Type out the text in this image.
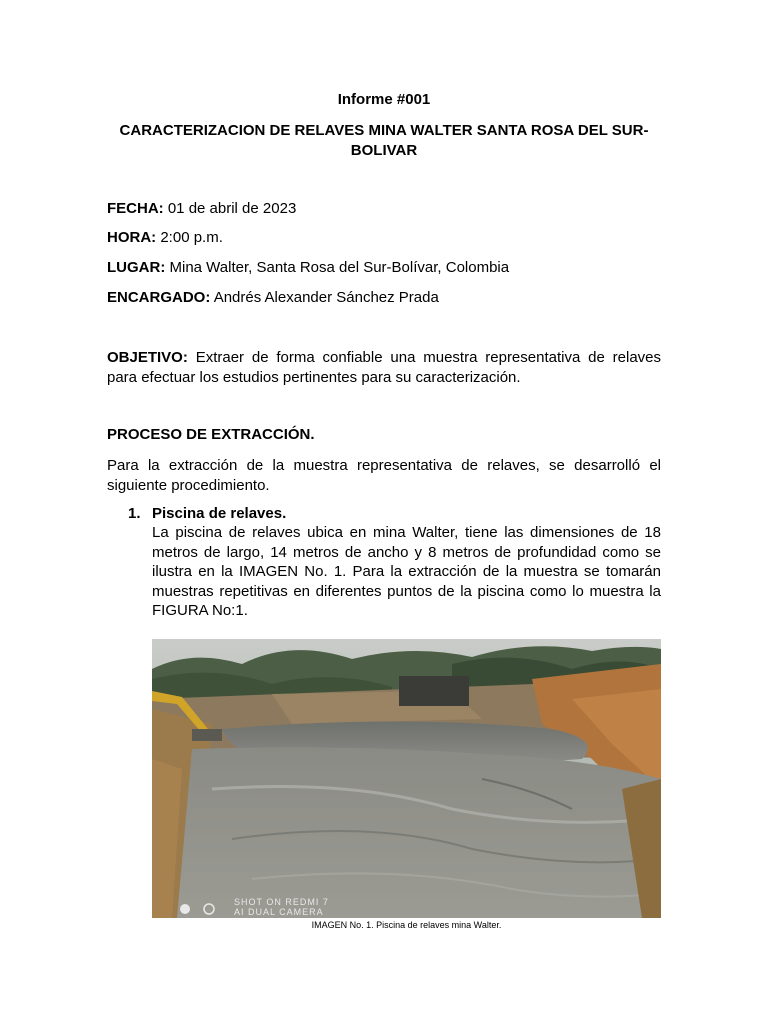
Informe #001
CARACTERIZACION DE RELAVES MINA WALTER SANTA ROSA DEL SUR-BOLIVAR
FECHA: 01 de abril de 2023
HORA: 2:00 p.m.
LUGAR: Mina Walter, Santa Rosa del Sur-Bolívar, Colombia
ENCARGADO: Andrés Alexander Sánchez Prada
OBJETIVO: Extraer de forma confiable una muestra representativa de relaves para efectuar los estudios pertinentes para su caracterización.
PROCESO DE EXTRACCIÓN.
Para la extracción de la muestra representativa de relaves, se desarrolló el siguiente procedimiento.
1. Piscina de relaves.
La piscina de relaves ubica en mina Walter, tiene las dimensiones de 18 metros de largo, 14 metros de ancho y 8 metros de profundidad como se ilustra en la IMAGEN No. 1. Para la extracción de la muestra se tomarán muestras repetitivas en diferentes puntos de la piscina como lo muestra la FIGURA No:1.
SHOT ON REDMI 7
AI DUAL CAMERA
IMAGEN No. 1. Piscina de relaves mina Walter.
